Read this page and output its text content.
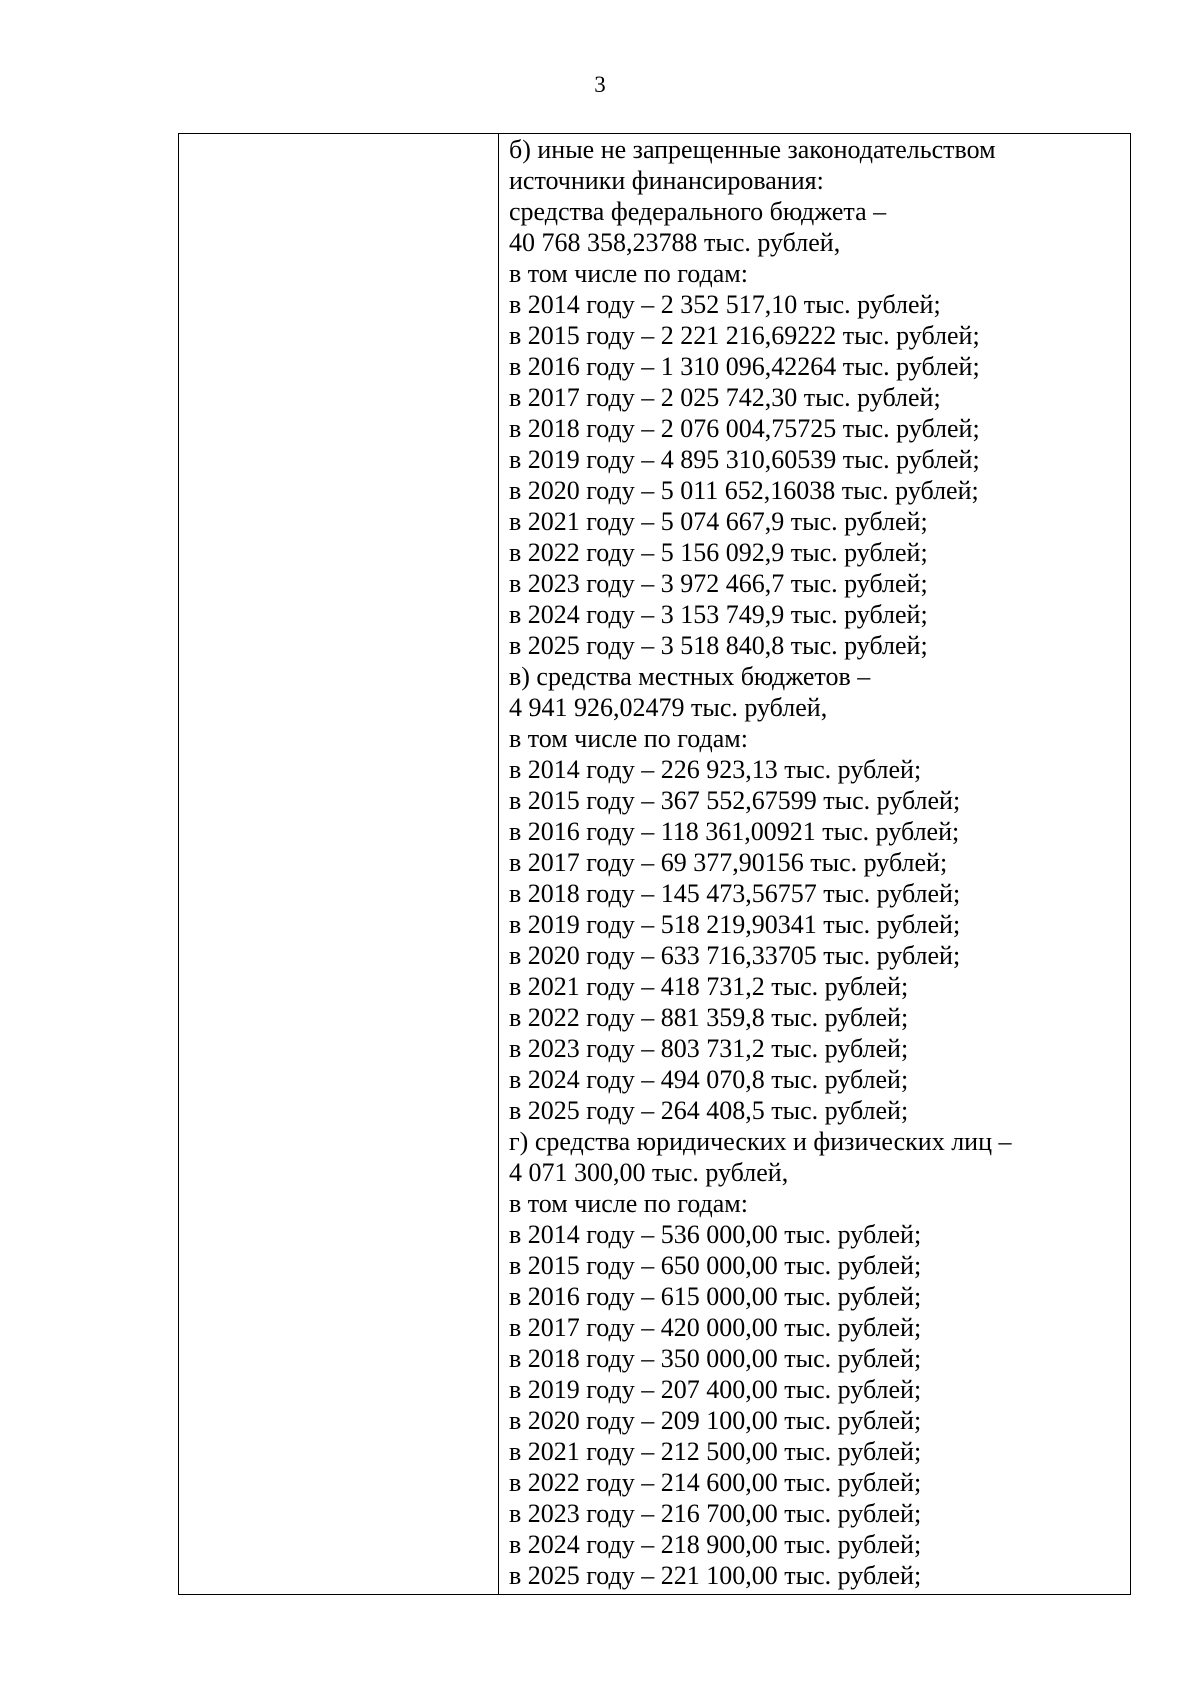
3
б) иные не запрещенные законодательством
источники финансирования:
средства федерального бюджета –
40 768 358,23788 тыс. рублей,
в том числе по годам:
в 2014 году – 2 352 517,10 тыс. рублей;
в 2015 году – 2 221 216,69222 тыс. рублей;
в 2016 году – 1 310 096,42264 тыс. рублей;
в 2017 году – 2 025 742,30 тыс. рублей;
в 2018 году – 2 076 004,75725 тыс. рублей;
в 2019 году – 4 895 310,60539 тыс. рублей;
в 2020 году – 5 011 652,16038 тыс. рублей;
в 2021 году – 5 074 667,9 тыс. рублей;
в 2022 году – 5 156 092,9 тыс. рублей;
в 2023 году – 3 972 466,7 тыс. рублей;
в 2024 году – 3 153 749,9 тыс. рублей;
в 2025 году – 3 518 840,8 тыс. рублей;
в) средства местных бюджетов –
4 941 926,02479 тыс. рублей,
в том числе по годам:
в 2014 году – 226 923,13 тыс. рублей;
в 2015 году – 367 552,67599 тыс. рублей;
в 2016 году – 118 361,00921 тыс. рублей;
в 2017 году – 69 377,90156 тыс. рублей;
в 2018 году – 145 473,56757 тыс. рублей;
в 2019 году – 518 219,90341 тыс. рублей;
в 2020 году – 633 716,33705 тыс. рублей;
в 2021 году – 418 731,2 тыс. рублей;
в 2022 году – 881 359,8 тыс. рублей;
в 2023 году – 803 731,2 тыс. рублей;
в 2024 году – 494 070,8 тыс. рублей;
в 2025 году – 264 408,5 тыс. рублей;
г) средства юридических и физических лиц –
4 071 300,00 тыс. рублей,
в том числе по годам:
в 2014 году – 536 000,00 тыс. рублей;
в 2015 году – 650 000,00 тыс. рублей;
в 2016 году – 615 000,00 тыс. рублей;
в 2017 году – 420 000,00 тыс. рублей;
в 2018 году – 350 000,00 тыс. рублей;
в 2019 году – 207 400,00 тыс. рублей;
в 2020 году – 209 100,00 тыс. рублей;
в 2021 году – 212 500,00 тыс. рублей;
в 2022 году – 214 600,00 тыс. рублей;
в 2023 году – 216 700,00 тыс. рублей;
в 2024 году – 218 900,00 тыс. рублей;
в 2025 году – 221 100,00 тыс. рублей;
